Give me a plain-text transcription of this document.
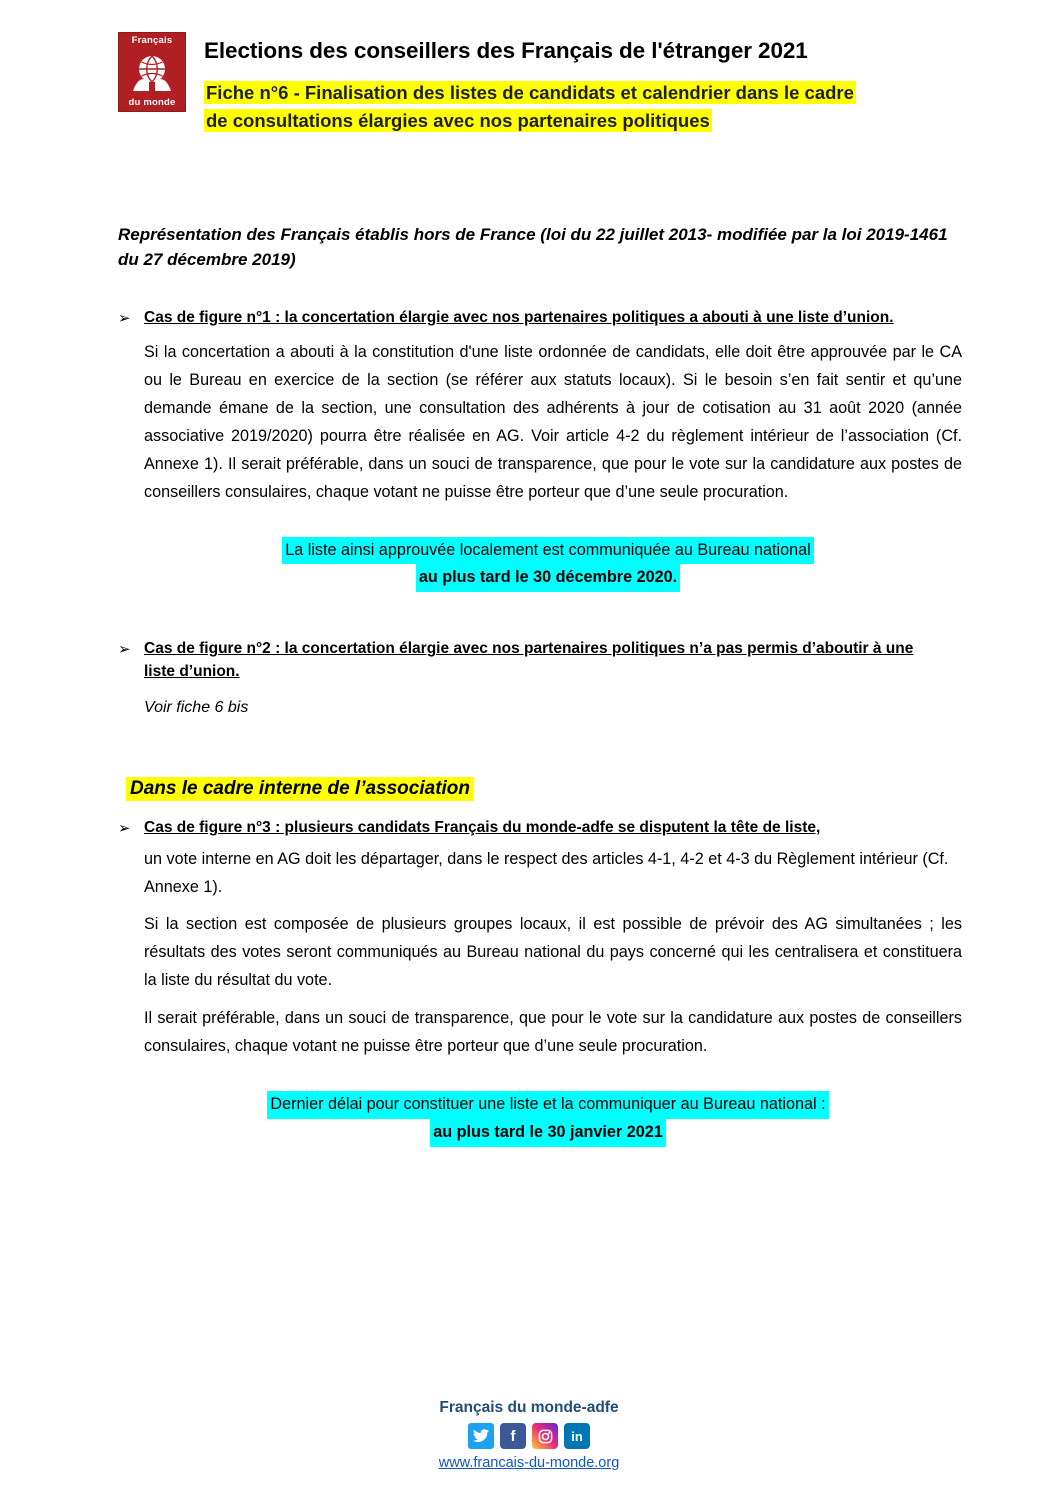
Français
du monde
Elections des conseillers des Français de l'étranger 2021
Fiche n°6 - Finalisation des listes de candidats et calendrier dans le cadre de consultations élargies avec nos partenaires politiques
Représentation des Français établis hors de France (loi du 22 juillet 2013- modifiée par la loi 2019-1461 du 27 décembre 2019)
➢ Cas de figure n°1 : la concertation élargie avec nos partenaires politiques a abouti à une liste d’union.

Si la concertation a abouti à la constitution d'une liste ordonnée de candidats, elle doit être approuvée par le CA ou le Bureau en exercice de la section (se référer aux statuts locaux). Si le besoin s’en fait sentir et qu’une demande émane de la section, une consultation des adhérents à jour de cotisation au 31 août 2020 (année associative 2019/2020) pourra être réalisée en AG. Voir article 4-2 du règlement intérieur de l’association (Cf. Annexe 1). Il serait préférable, dans un souci de transparence, que pour le vote sur la candidature aux postes de conseillers consulaires, chaque votant ne puisse être porteur que d’une seule procuration.

La liste ainsi approuvée localement est communiquée au Bureau national
au plus tard le 30 décembre 2020.
➢ Cas de figure n°2 : la concertation élargie avec nos partenaires politiques n’a pas permis d’aboutir à une liste d’union.
Voir fiche 6 bis
Dans le cadre interne de l’association
➢ Cas de figure n°3 : plusieurs candidats Français du monde-adfe se disputent la tête de liste,

un vote interne en AG doit les départager, dans le respect des articles 4-1, 4-2 et 4-3 du Règlement intérieur (Cf. Annexe 1).

Si la section est composée de plusieurs groupes locaux, il est possible de prévoir des AG simultanées ; les résultats des votes seront communiqués au Bureau national du pays concerné qui les centralisera et constituera la liste du résultat du vote.

Il serait préférable, dans un souci de transparence, que pour le vote sur la candidature aux postes de conseillers consulaires, chaque votant ne puisse être porteur que d’une seule procuration.

Dernier délai pour constituer une liste et la communiquer au Bureau national :
au plus tard le 30 janvier 2021
Français du monde-adfe
f	in
www.francais-du-monde.org
